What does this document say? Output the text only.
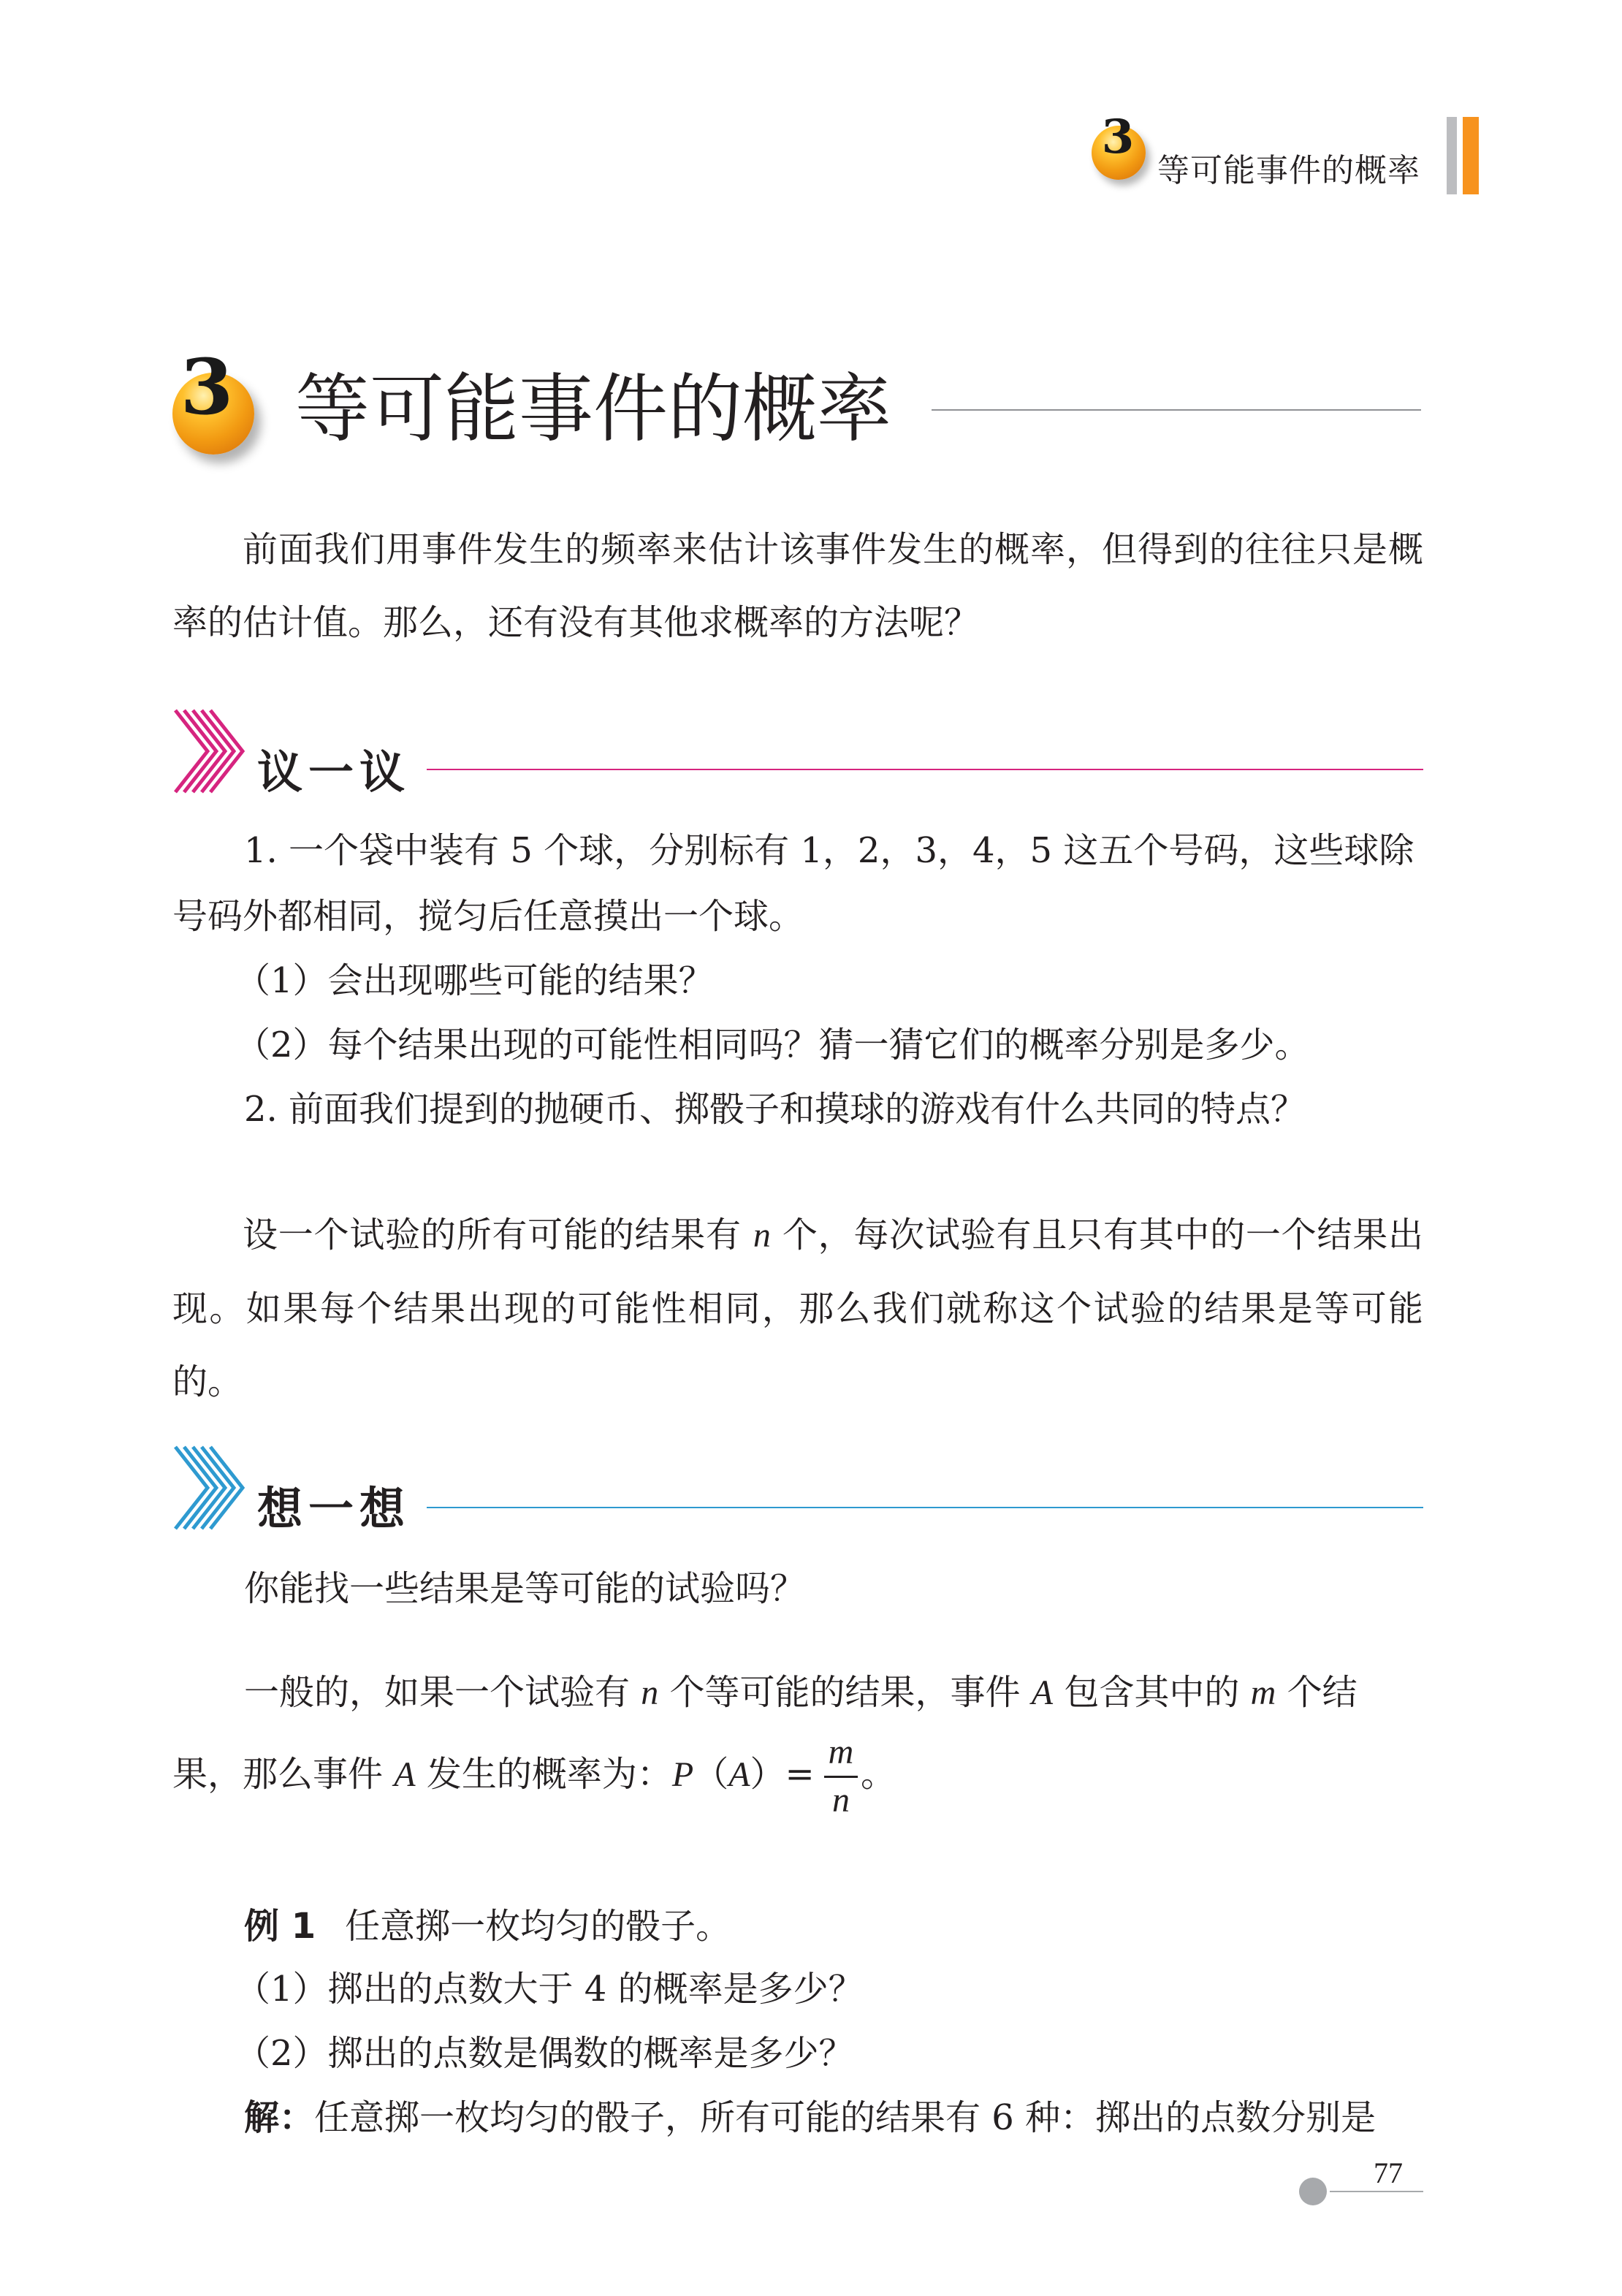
3
等可能事件的概率
3 等可能事件的概率

前面我们用事件发生的频率来估计该事件发生的概率，但得到的往往只是概率的估计值。那么，还有没有其他求概率的方法呢？

议一议
1. 一个袋中装有 5 个球，分别标有 1，2，3，4，5 这五个号码，这些球除
号码外都相同，搅匀后任意摸出一个球。
（1）会出现哪些可能的结果？
（2）每个结果出现的可能性相同吗？猜一猜它们的概率分别是多少。
2. 前面我们提到的抛硬币、掷骰子和摸球的游戏有什么共同的特点？

设一个试验的所有可能的结果有 n 个，每次试验有且只有其中的一个结果出现。如果每个结果出现的可能性相同，那么我们就称这个试验的结果是等可能的。

想一想
你能找一些结果是等可能的试验吗？
一般的，如果一个试验有 n 个等可能的结果，事件 A 包含其中的 m 个结
果，那么事件 A 发生的概率为：P（A）=
m
n
。
例 1 任意掷一枚均匀的骰子。
（1）掷出的点数大于 4 的概率是多少？
（2）掷出的点数是偶数的概率是多少？
解：任意掷一枚均匀的骰子，所有可能的结果有 6 种：掷出的点数分别是
77
